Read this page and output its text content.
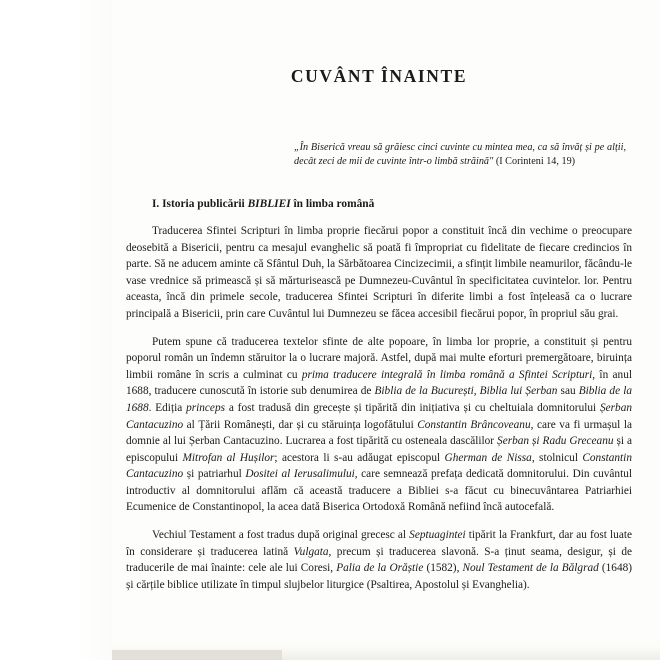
CUVÂNT ÎNAINTE
„În Biserică vreau să grăiesc cinci cuvinte cu mintea mea, ca să învăț și pe alții, decât zeci de mii de cuvinte într-o limbă străină" (I Corinteni 14, 19)
I. Istoria publicării BIBLIEI în limba română

Traducerea Sfintei Scripturi în limba proprie fiecărui popor a constituit încă din vechime o preocupare deosebită a Bisericii, pentru ca mesajul evanghelic să poată fi împropriat cu fidelitate de fiecare credincios în parte. Să ne aducem aminte că Sfântul Duh, la Sărbătoarea Cincizecimii, a sfințit limbile neamurilor, făcându-le vase vrednice să primească și să mărturisească pe Dumnezeu-Cuvântul în specificitatea cuvintelor. lor. Pentru aceasta, încă din primele secole, traducerea Sfintei Scripturi în diferite limbi a fost înțeleasă ca o lucrare principală a Bisericii, prin care Cuvântul lui Dumnezeu se făcea accesibil fiecărui popor, în propriul său grai.

Putem spune că traducerea textelor sfinte de alte popoare, în limba lor proprie, a constituit și pentru poporul român un îndemn stăruitor la o lucrare majoră. Astfel, după mai multe eforturi premergătoare, biruința limbii române în scris a culminat cu prima traducere integrală în limba română a Sfintei Scripturi, în anul 1688, traducere cunoscută în istorie sub denumirea de Biblia de la București, Biblia lui Șerban sau Biblia de la 1688. Ediția princeps a fost tradusă din grecește și tipărită din inițiativa și cu cheltuiala domnitorului Șerban Cantacuzino al Țării Românești, dar și cu stăruința logofătului Constantin Brâncoveanu, care va fi urmașul la domnie al lui Șerban Cantacuzino. Lucrarea a fost tipărită cu osteneala dascălilor Șerban și Radu Greceanu și a episcopului Mitrofan al Hușilor; acestora li s-au adăugat episcopul Gherman de Nissa, stolnicul Constantin Cantacuzino și patriarhul Dositei al Ierusalimului, care semnează prefața dedicată domnitorului. Din cuvântul introductiv al domnitorului aflăm că această traducere a Bibliei s-a făcut cu binecuvântarea Patriarhiei Ecumenice de Constantinopol, la acea dată Biserica Ortodoxă Română nefiind încă autocefală.

Vechiul Testament a fost tradus după original grecesc al Septuagintei tipărit la Frankfurt, dar au fost luate în considerare și traducerea latină Vulgata, precum și traducerea slavonă. S-a ținut seama, desigur, și de traducerile de mai înainte: cele ale lui Coresi, Palia de la Orăștie (1582), Noul Testament de la Bălgrad (1648) și cărțile biblice utilizate în timpul slujbelor liturgice (Psaltirea, Apostolul și Evanghelia).
